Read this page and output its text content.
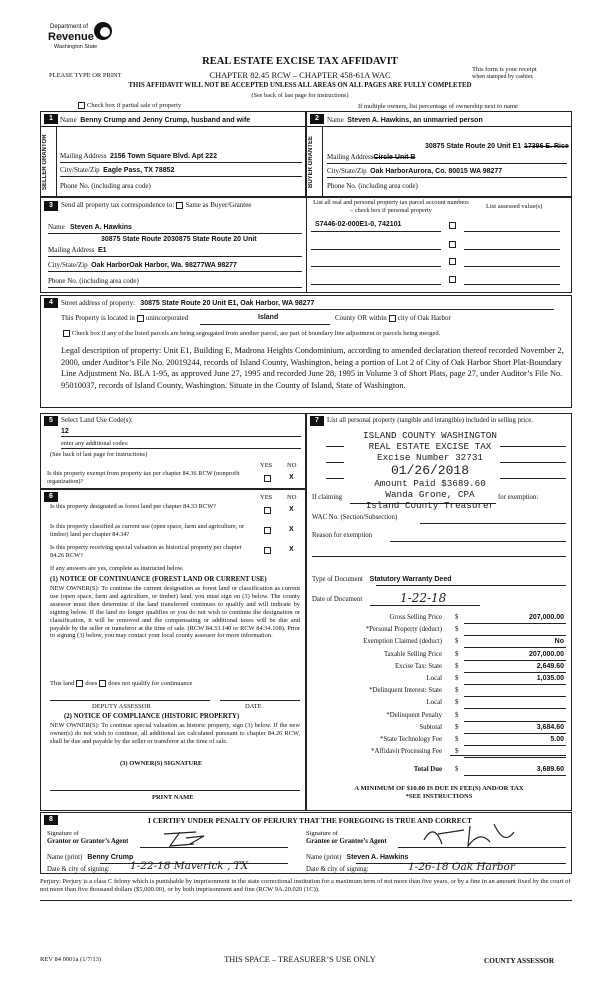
Department of
Revenue
Washington State
REAL ESTATE EXCISE TAX AFFIDAVIT
PLEASE TYPE OR PRINT	CHAPTER 82.45 RCW – CHAPTER 458-61A WAC
This form is your receipt
when stamped by cashier.
THIS AFFIDAVIT WILL NOT BE ACCEPTED UNLESS ALL AREAS ON ALL PAGES ARE FULLY COMPLETED
(See back of last page for instructions)
Check box if partial sale of property	If multiple owners, list percentage of ownership next to name
1	2
SELLER GRANTOR	BUYER GRANTEE
Name Benny Crump and Jenny Crump, husband and wife
Mailing Address 2156 Town Square Blvd. Apt 222
City/State/Zip Eagle Pass, TX 78852
Phone No. (including area code)
Name Steven A. Hawkins, an unmarried person
30875 State Route 20 Unit E1 17396 E. Rice
Mailing AddressCircle Unit B
City/State/Zip Oak HarborAurora, Co. 80015 WA 98277
Phone No. (including area code)
3	Send all property tax correspondence to: Same as Buyer/Grantee
Name Steven A. Hawkins
30875 State Route 2030875 State Route 20 Unit
Mailing Address E1
City/State/Zip Oak HarborOak Harbor, Wa. 98277WA 98277
Phone No. (including area code)
List all real and personal property tax parcel account numbers – check box if personal property
List assessed value(s)
S7446-02-000E1-0, 742101
4	Street address of property: 30875 State Route 20 Unit E1, Oak Harbor, WA 98277
This Property is located in unincorporated	Island	County OR within city of Oak Harbor
Check box if any of the listed parcels are being segregated from another parcel, are part of boundary line adjustment or parcels being merged.
Legal description of property: Unit E1, Building E, Madrona Heights Condominium, according to amended declaration thereof recorded November 2, 2000, under Auditor’s File No. 20019244, records of Island County, Washington, being a portion of Lot 2 of City of Oak Harbor Short Plat-Boundary Line Adjustment No. BLA 1-95, as approved June 27, 1995 and recorded June 28, 1995 in Volume 3 of Short Plats, page 27, under Auditor’s File No. 95010037, records of Island County, Washington. Situate in the County of Island, State of Washington.
5	Select Land Use Code(s):
12
enter any additional codes:
(See back of last page for instructions)
YES NO
Is this property exempt from property tax per chapter 84.36 RCW (nonprofit organization)?
X
6	YES NO
Is this property designated as forest land per chapter 84.33 RCW?	X
Is this property classified as current use (open space, farm and agriculture, or timber) land per chapter 84.34?
X
Is this property receiving special valuation as historical property per chapter 84.26 RCW?
X
If any answers are yes, complete as instructed below.
(1) NOTICE OF CONTINUANCE (FOREST LAND OR CURRENT USE)
NEW OWNER(S): To continue the current designation as forest land or classification as current use (open space, farm and agriculture, or timber) land, you must sign on (3) below. The county assessor must then determine if the land transferred continues to qualify and will indicate by signing below. If the land no longer qualifies or you do not wish to continue the designation or classification, it will be removed and the compensating or additional taxes will be due and payable by the seller or transferor at the time of sale. (RCW 84.33.140 or RCW 84.34.108). Prior to signing (3) below, you may contact your local county assessor for more information.
This land does does not qualify for continuance
DEPUTY ASSESSOR	DATE
(2) NOTICE OF COMPLIANCE (HISTORIC PROPERTY)
NEW OWNER(S): To continue special valuation as historic property, sign (3) below. If the new owner(s) do not wish to continue, all additional tax calculated pursuant to chapter 84.26 RCW, shall be due and payable by the seller or transferor at the time of sale.
(3) OWNER(S) SIGNATURE
PRINT NAME
7	List all personal property (tangible and intangible) included in selling price.
ISLAND COUNTY WASHINGTON
REAL ESTATE EXCISE TAX
Excise Number 32731
01/26/2018
Amount Paid $3689.60
Wanda Grone, CPA
Island County Treasurer
If claiming	for exemption:
WAC No. (Section/Subsection)
Reason for exemption
Type of Document Statutory Warranty Deed
Date of Document	1-22-18
Gross Selling Price $	207,000.00
*Personal Property (deduct) $
Exemption Claimed (deduct) $	No
Taxable Selling Price $	207,000.00
Excise Tax: State $	2,649.60
Local $	1,035.00
*Delinquent Interest: State $
Local $
*Delinquent Penalty $
Subtotal $	3,684.60
*State Technology Fee $	5.00
*Affidavit Processing Fee $
Total Due $	3,689.60
A MINIMUM OF $10.00 IS DUE IN FEE(S) AND/OR TAX
*SEE INSTRUCTIONS
8	I CERTIFY UNDER PENALTY OF PERJURY THAT THE FOREGOING IS TRUE AND CORRECT
Signature of
Grantor or Grantor’s Agent
Name (print) Benny Crump
Date & city of signing: 1-22-18 Maverick , TX
Signature of
Grantee or Grantee’s Agent
Name (print) Steven A. Hawkins
Date & city of signing:	1-26-18 Oak Harbor
Perjury: Perjury is a class C felony which is punishable by imprisonment in the state correctional institution for a maximum term of not more than five years, or by a fine in an amount fixed by the court of not more than five thousand dollars ($5,000.00), or by both imprisonment and fine (RCW 9A.20.020 (1C)).
REV 84 0001a (1/7/13)	THIS SPACE – TREASURER’S USE ONLY	COUNTY ASSESSOR
